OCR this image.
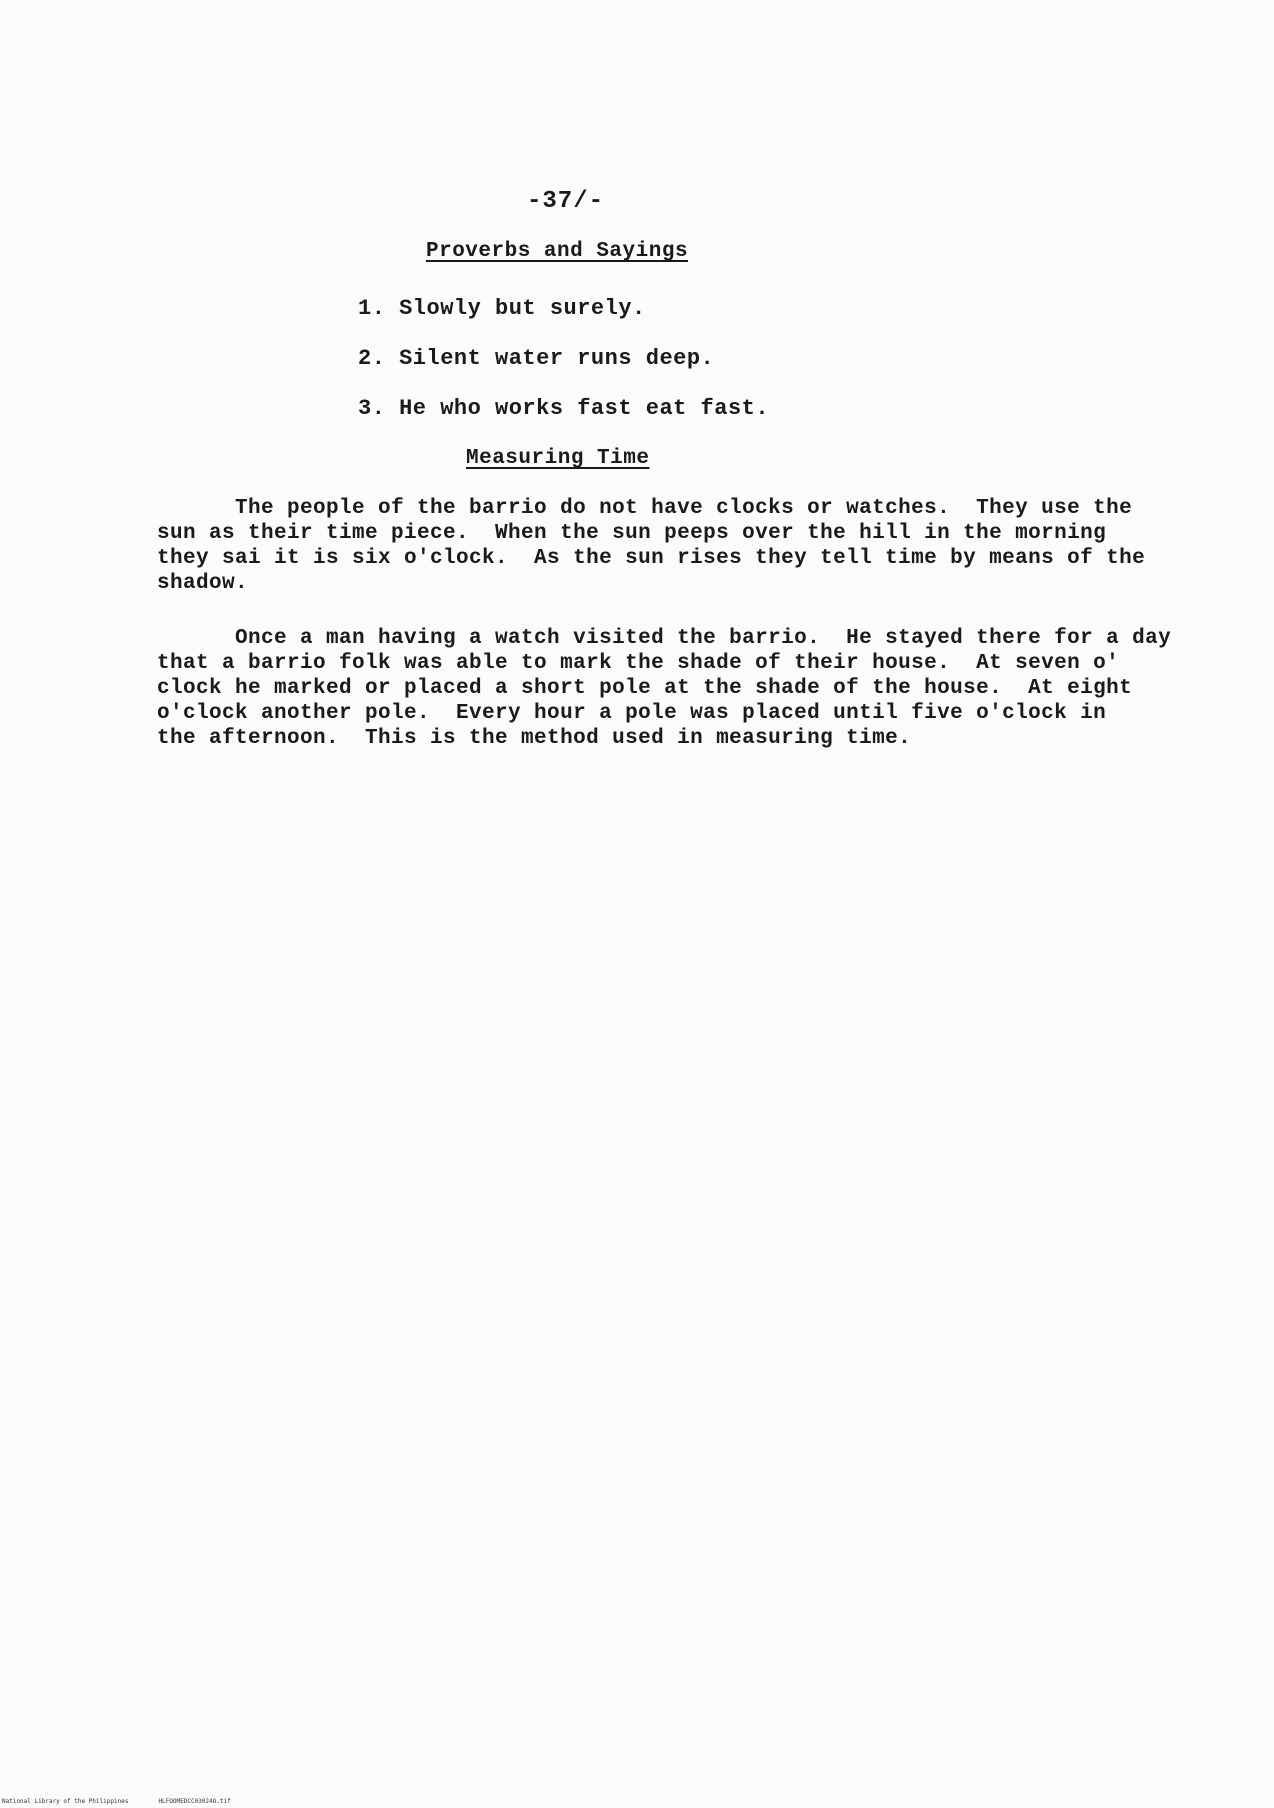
-37/-
Proverbs and Sayings
1. Slowly but surely.
2. Silent water runs deep.
3. He who works fast eat fast.
Measuring Time
The people of the barrio do not have clocks or watches.  They use the
sun as their time piece.  When the sun peeps over the hill in the morning
they sai it is six o'clock.  As the sun rises they tell time by means of the
shadow.
Once a man having a watch visited the barrio.  He stayed there for a day
that a barrio folk was able to mark the shade of their house.  At seven o'
clock he marked or placed a short pole at the shade of the house.  At eight
o'clock another pole.  Every hour a pole was placed until five o'clock in
the afternoon.  This is the method used in measuring time.
National Library of the Philippines	HLFOOMEDCC03024O.tif
